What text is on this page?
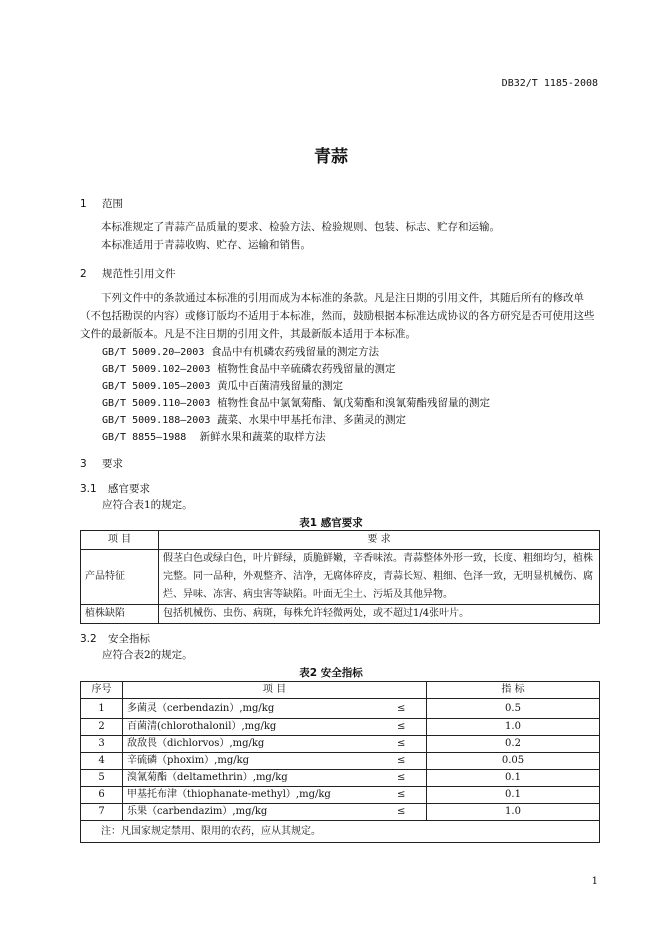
DB32/T 1185-2008
青蒜
1 范围
本标准规定了青蒜产品质量的要求、检验方法、检验规则、包装、标志、贮存和运输。
本标准适用于青蒜收购、贮存、运输和销售。
2 规范性引用文件
下列文件中的条款通过本标准的引用而成为本标准的条款。凡是注日期的引用文件，其随后所有的修改单（不包括勘误的内容）或修订版均不适用于本标准，然而，鼓励根据本标准达成协议的各方研究是否可使用这些文件的最新版本。凡是不注日期的引用文件，其最新版本适用于本标准。
GB/T 5009.20—2003 食品中有机磷农药残留量的测定方法
GB/T 5009.102—2003 植物性食品中辛硫磷农药残留量的测定
GB/T 5009.105—2003 黄瓜中百菌清残留量的测定
GB/T 5009.110—2003 植物性食品中氯氰菊酯、氰戊菊酯和溴氰菊酯残留量的测定
GB/T 5009.188—2003 蔬菜、水果中甲基托布津、多菌灵的测定
GB/T 8855—1988 新鲜水果和蔬菜的取样方法
3 要求
3.1 感官要求
应符合表1的规定。
表1 感官要求
项 目	要 求
产品特征	假茎白色或绿白色，叶片鲜绿，质脆鲜嫩，辛香味浓。青蒜整体外形一致，长度、粗细均匀，植株完整。同一品种，外观整齐、洁净，无腐体碎皮，青蒜长短、粗细、色泽一致，无明显机械伤、腐烂、异味、冻害、病虫害等缺陷。叶面无尘土、污垢及其他异物。
植株缺陷	包括机械伤、虫伤、病斑，每株允许轻微两处，或不超过1/4张叶片。
3.2 安全指标
应符合表2的规定。
表2 安全指标
序号	项 目		指 标
1	多菌灵（cerbendazin）,mg/kg	≤	0.5
2	百菌清(chlorothalonil）,mg/kg	≤	1.0
3	敌敌畏（dichlorvos）,mg/kg	≤	0.2
4	辛硫磷（phoxim）,mg/kg	≤	0.05
5	溴氰菊酯（deltamethrin）,mg/kg	≤	0.1
6	甲基托布津（thiophanate-methyl）,mg/kg	≤	0.1
7	乐果（carbendazim）,mg/kg	≤	1.0
注：凡国家规定禁用、限用的农药，应从其规定。			
1
